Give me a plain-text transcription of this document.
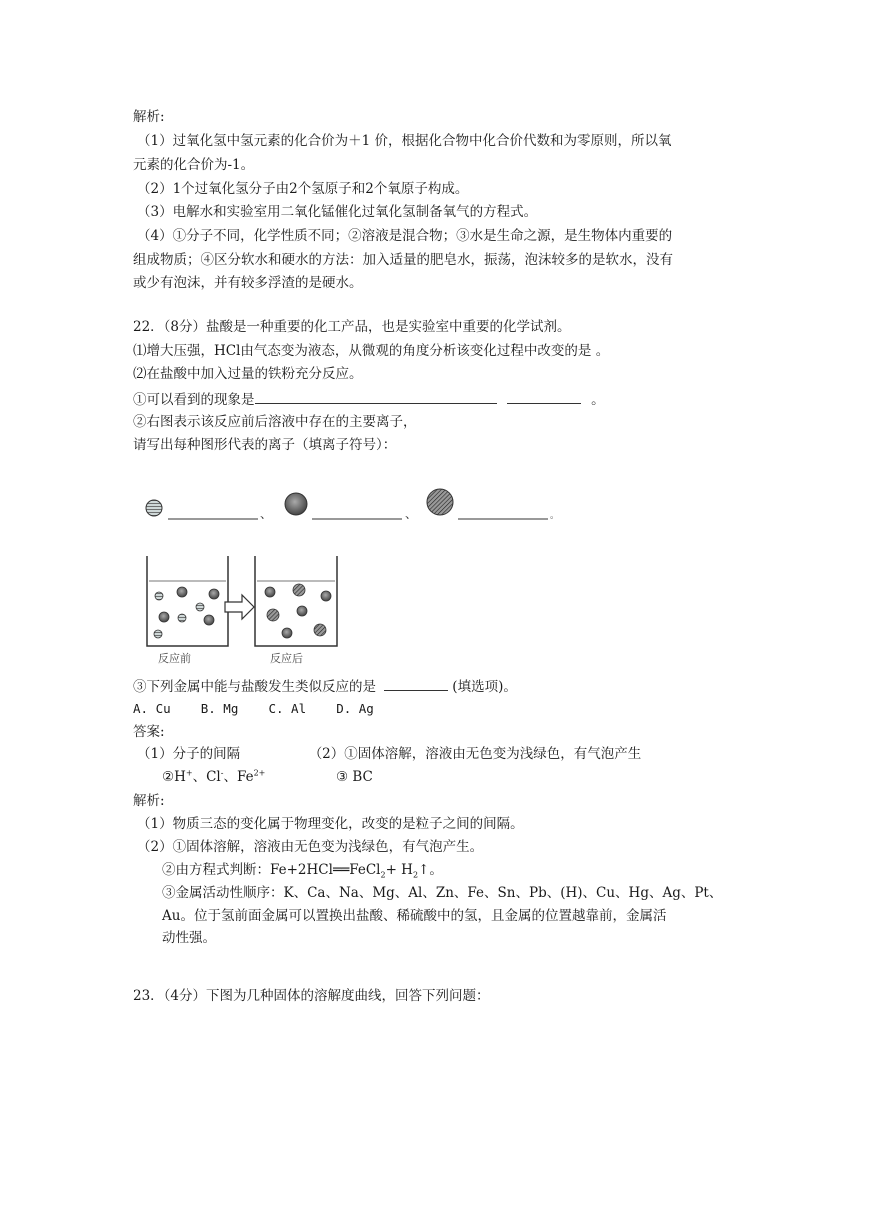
解析:
（1）过氧化氢中氢元素的化合价为＋1 价，根据化合物中化合价代数和为零原则，所以氧
元素的化合价为-1。
（2）1个过氧化氢分子由2个氢原子和2个氧原子构成。
（3）电解水和实验室用二氧化锰催化过氧化氢制备氧气的方程式。
（4）①分子不同，化学性质不同；②溶液是混合物；③水是生命之源，是生物体内重要的
组成物质；④区分软水和硬水的方法：加入适量的肥皂水，振荡，泡沫较多的是软水，没有
或少有泡沫，并有较多浮渣的是硬水。
22．（8分）盐酸是一种重要的化工产品，也是实验室中重要的化学试剂。
⑴增大压强，HCl由气态变为液态，从微观的角度分析该变化过程中改变的是 。
⑵在盐酸中加入过量的铁粉充分反应。
①可以看到的现象是	。
②右图表示该反应前后溶液中存在的主要离子，
请写出每种图形代表的离子（填离子符号）：
、	、	。
反应前	反应后
③下列金属中能与盐酸发生类似反应的是	(填选项)。
A. Cu    B. Mg    C. Al    D. Ag
答案:
（1）分子的间隔	（2）①固体溶解，溶液由无色变为浅绿色，有气泡产生
②H+、Cl-、$Fe^{2+}$	③ BC
解析:
（1）物质三态的变化属于物理变化，改变的是粒子之间的间隔。
（2）①固体溶解，溶液由无色变为浅绿色，有气泡产生。
②由方程式判断：Fe+2HCl══FeCl$_2$+ $H_2↑$。
③金属活动性顺序：K、Ca、Na、Mg、Al、Zn、Fe、Sn、Pb、(H)、Cu、Hg、Ag、Pt、
Au。位于氢前面金属可以置换出盐酸、稀硫酸中的氢，且金属的位置越靠前，金属活
动性强。
23．（4分）下图为几种固体的溶解度曲线，回答下列问题：
